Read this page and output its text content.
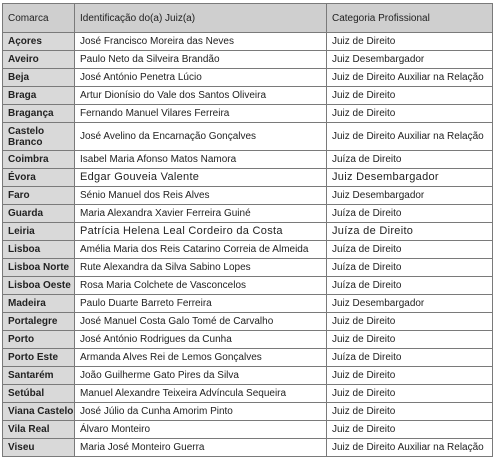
Comarca	Identificação do(a) Juiz(a)	Categoria Profissional
Açores	José Francisco Moreira das Neves	Juiz de Direito
Aveiro	Paulo Neto da Silveira Brandão	Juiz Desembargador
Beja	José António Penetra Lúcio	Juiz de Direito Auxiliar na Relação
Braga	Artur Dionísio do Vale dos Santos Oliveira	Juiz de Direito
Bragança	Fernando Manuel Vilares Ferreira	Juiz de Direito
Castelo Branco	José Avelino da Encarnação Gonçalves	Juiz de Direito Auxiliar na Relação
Coimbra	Isabel Maria Afonso Matos Namora	Juíza de Direito
Évora	Edgar Gouveia Valente	Juiz Desembargador
Faro	Sénio Manuel dos Reis Alves	Juiz Desembargador
Guarda	Maria Alexandra Xavier Ferreira Guiné	Juíza de Direito
Leiria	Patrícia Helena Leal Cordeiro da Costa	Juíza de Direito
Lisboa	Amélia Maria dos Reis Catarino Correia de Almeida	Juíza de Direito
Lisboa Norte	Rute Alexandra da Silva Sabino Lopes	Juíza de Direito
Lisboa Oeste	Rosa Maria Colchete de Vasconcelos	Juíza de Direito
Madeira	Paulo Duarte Barreto Ferreira	Juiz Desembargador
Portalegre	José Manuel Costa Galo Tomé de Carvalho	Juiz de Direito
Porto	José António Rodrigues da Cunha	Juiz de Direito
Porto Este	Armanda Alves Rei de Lemos Gonçalves	Juíza de Direito
Santarém	João Guilherme Gato Pires da Silva	Juiz de Direito
Setúbal	Manuel Alexandre Teixeira Advíncula Sequeira	Juiz de Direito
Viana Castelo	José Júlio da Cunha Amorim Pinto	Juiz de Direito
Vila Real	Álvaro Monteiro	Juiz de Direito
Viseu	Maria José Monteiro Guerra	Juiz de Direito Auxiliar na Relação
